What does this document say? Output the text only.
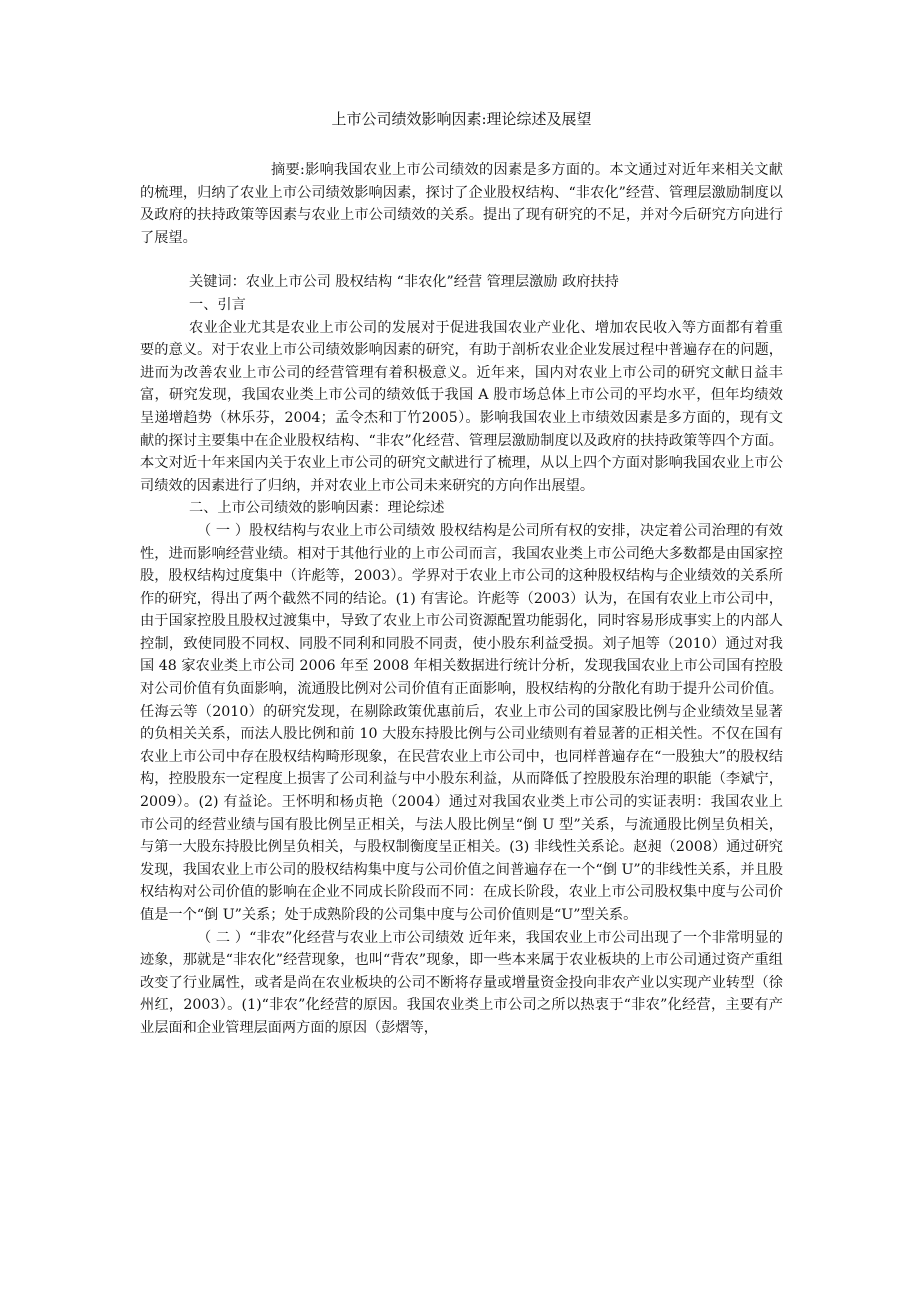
上市公司绩效影响因素:理论综述及展望

摘要:影响我国农业上市公司绩效的因素是多方面的。本文通过对近年来相关文献的梳理，归纳了农业上市公司绩效影响因素，探讨了企业股权结构、“非农化”经营、管理层激励制度以及政府的扶持政策等因素与农业上市公司绩效的关系。提出了现有研究的不足，并对今后研究方向进行了展望。

关键词：农业上市公司 股权结构 “非农化”经营 管理层激励 政府扶持

一、引言

农业企业尤其是农业上市公司的发展对于促进我国农业产业化、增加农民收入等方面都有着重要的意义。对于农业上市公司绩效影响因素的研究，有助于剖析农业企业发展过程中普遍存在的问题，进而为改善农业上市公司的经营管理有着积极意义。近年来，国内对农业上市公司的研究文献日益丰富，研究发现，我国农业类上市公司的绩效低于我国 A 股市场总体上市公司的平均水平，但年均绩效呈递增趋势（林乐芬，2004；孟令杰和丁竹2005）。影响我国农业上市绩效因素是多方面的，现有文献的探讨主要集中在企业股权结构、“非农”化经营、管理层激励制度以及政府的扶持政策等四个方面。本文对近十年来国内关于农业上市公司的研究文献进行了梳理，从以上四个方面对影响我国农业上市公司绩效的因素进行了归纳，并对农业上市公司未来研究的方向作出展望。

二、上市公司绩效的影响因素：理论综述

（ 一 ）股权结构与农业上市公司绩效 股权结构是公司所有权的安排，决定着公司治理的有效性，进而影响经营业绩。相对于其他行业的上市公司而言，我国农业类上市公司绝大多数都是由国家控股，股权结构过度集中（许彪等，2003）。学界对于农业上市公司的这种股权结构与企业绩效的关系所作的研究，得出了两个截然不同的结论。(1) 有害论。许彪等（2003）认为，在国有农业上市公司中，由于国家控股且股权过渡集中，导致了农业上市公司资源配置功能弱化，同时容易形成事实上的内部人控制，致使同股不同权、同股不同利和同股不同责，使小股东利益受损。刘子旭等（2010）通过对我国 48 家农业类上市公司 2006 年至 2008 年相关数据进行统计分析，发现我国农业上市公司国有控股对公司价值有负面影响，流通股比例对公司价值有正面影响，股权结构的分散化有助于提升公司价值。任海云等（2010）的研究发现，在剔除政策优惠前后，农业上市公司的国家股比例与企业绩效呈显著的负相关关系，而法人股比例和前 10 大股东持股比例与公司业绩则有着显著的正相关性。不仅在国有农业上市公司中存在股权结构畸形现象，在民营农业上市公司中，也同样普遍存在“一股独大”的股权结构，控股股东一定程度上损害了公司利益与中小股东利益，从而降低了控股股东治理的职能（李斌宁，2009）。(2) 有益论。王怀明和杨贞艳（2004）通过对我国农业类上市公司的实证表明：我国农业上市公司的经营业绩与国有股比例呈正相关，与法人股比例呈“倒 U 型”关系，与流通股比例呈负相关，与第一大股东持股比例呈负相关，与股权制衡度呈正相关。(3) 非线性关系论。赵昶（2008）通过研究发现，我国农业上市公司的股权结构集中度与公司价值之间普遍存在一个“倒 U”的非线性关系，并且股权结构对公司价值的影响在企业不同成长阶段而不同：在成长阶段，农业上市公司股权集中度与公司价值是一个“倒 U”关系；处于成熟阶段的公司集中度与公司价值则是“U”型关系。

（ 二 ）“非农”化经营与农业上市公司绩效 近年来，我国农业上市公司出现了一个非常明显的迹象，那就是“非农化”经营现象，也叫“背农”现象，即一些本来属于农业板块的上市公司通过资产重组改变了行业属性，或者是尚在农业板块的公司不断将存量或增量资金投向非农产业以实现产业转型（徐州红，2003）。(1)“非农”化经营的原因。我国农业类上市公司之所以热衷于“非农”化经营，主要有产业层面和企业管理层面两方面的原因（彭熠等，
